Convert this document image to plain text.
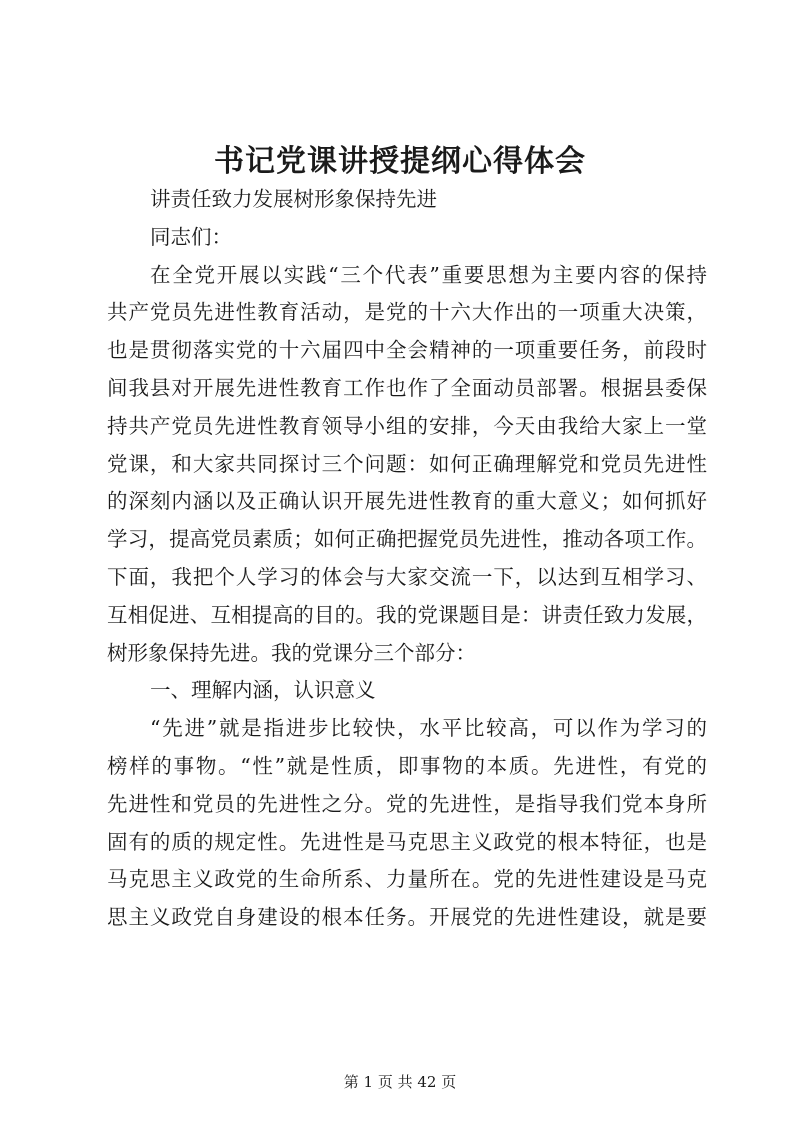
书记党课讲授提纲心得体会
讲责任致力发展树形象保持先进
同志们：
在全党开展以实践“三个代表”重要思想为主要内容的保持
共产党员先进性教育活动，是党的十六大作出的一项重大决策，
也是贯彻落实党的十六届四中全会精神的一项重要任务，前段时
间我县对开展先进性教育工作也作了全面动员部署。根据县委保
持共产党员先进性教育领导小组的安排，今天由我给大家上一堂
党课，和大家共同探讨三个问题：如何正确理解党和党员先进性
的深刻内涵以及正确认识开展先进性教育的重大意义；如何抓好
学习，提高党员素质；如何正确把握党员先进性，推动各项工作。
下面，我把个人学习的体会与大家交流一下，以达到互相学习、
互相促进、互相提高的目的。我的党课题目是：讲责任致力发展，
树形象保持先进。我的党课分三个部分：
一、理解内涵，认识意义
“先进”就是指进步比较快，水平比较高，可以作为学习的
榜样的事物。“性”就是性质，即事物的本质。先进性，有党的
先进性和党员的先进性之分。党的先进性，是指导我们党本身所
固有的质的规定性。先进性是马克思主义政党的根本特征，也是
马克思主义政党的生命所系、力量所在。党的先进性建设是马克
思主义政党自身建设的根本任务。开展党的先进性建设，就是要
第 1 页 共 42 页
